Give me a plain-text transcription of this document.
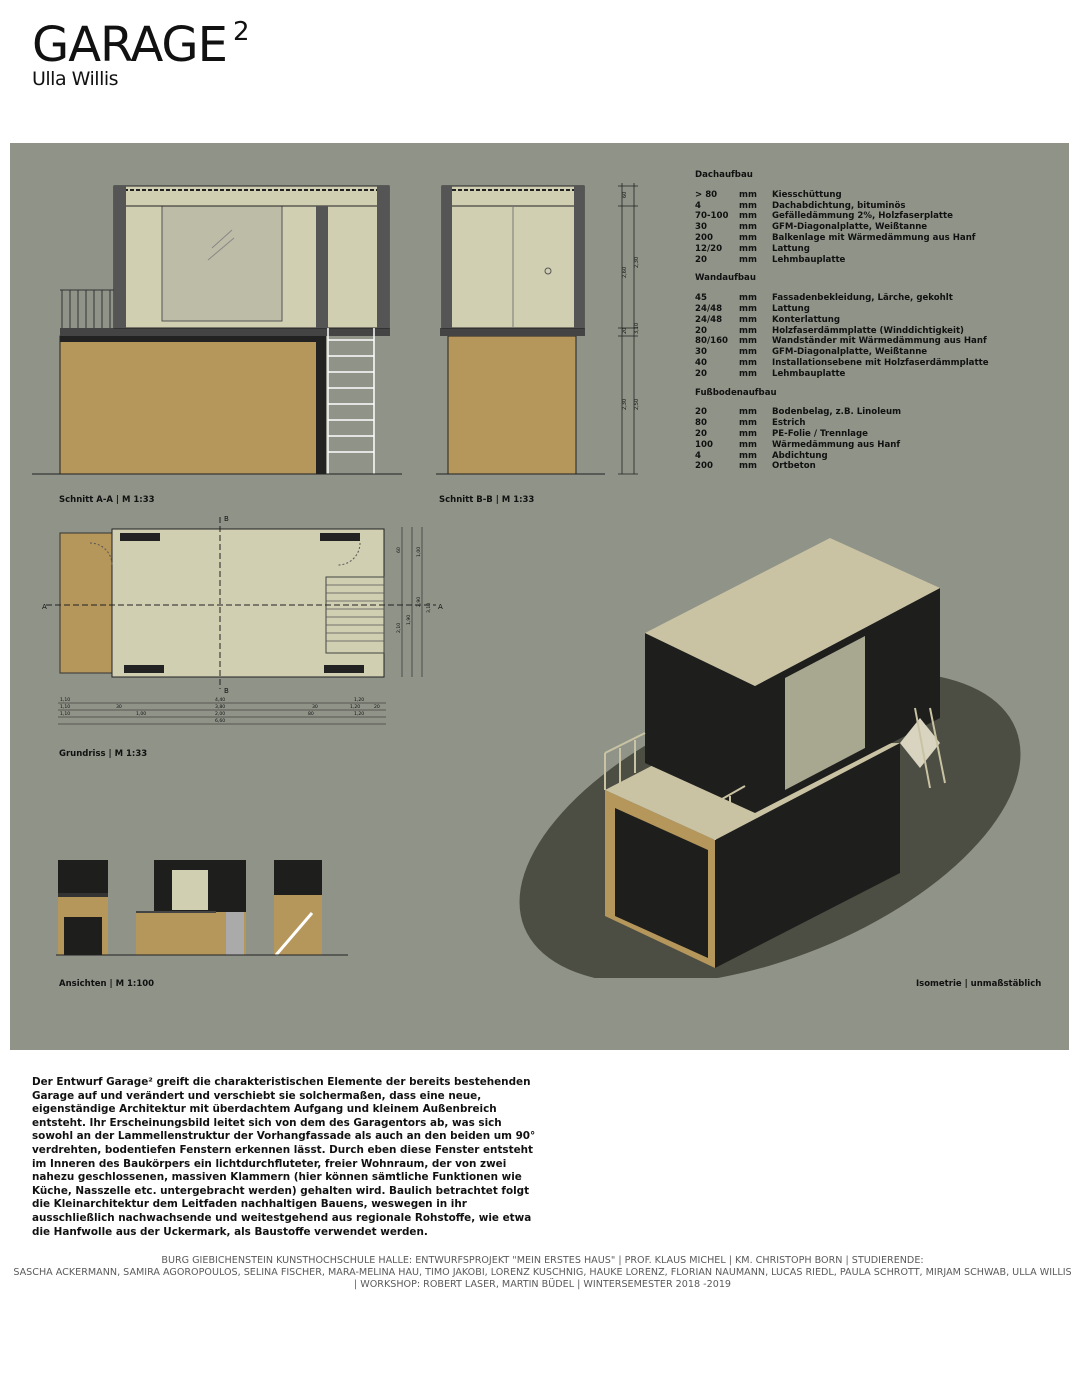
GARAGE $^2$
Ulla Willis
Schnitt A-A | M 1:33
60
2,60
2,30
20 3,10
2,30 2,50
Schnitt B-B | M 1:33
Dachaufbau
> 80	mm	Kiesschüttung
4	mm	Dachabdichtung, bituminös
70-100	mm	Gefälledämmung 2%, Holzfaserplatte
30	mm	GFM-Diagonalplatte, Weißtanne
200	mm	Balkenlage mit Wärmedämmung aus Hanf
12/20	mm	Lattung
20	mm	Lehmbauplatte
Wandaufbau
45	mm	Fassadenbekleidung, Lärche, gekohlt
24/48	mm	Lattung
24/48	mm	Konterlattung
20	mm	Holzfaserdämmplatte (Winddichtigkeit)
80/160	mm	Wandständer mit Wärmedämmung aus Hanf
30	mm	GFM-Diagonalplatte, Weißtanne
40	mm	Installationsebene mit Holzfaserdämmplatte
20	mm	Lehmbauplatte
Fußbodenaufbau
20	mm	Bodenbelag, z.B. Linoleum
80	mm	Estrich
20	mm	PE-Folie / Trennlage
100	mm	Wärmedämmung aus Hanf
4	mm	Abdichtung
200	mm	Ortbeton
A	A
B
B
1,10	4,40	1,20
1,10	30	3,80	30	1,20	20
1,10	1,00	2,00	80	1,20
6,60
60	1,00
2,10
3,10
1,90
2,90
Grundriss | M 1:33
Ansichten | M 1:100	Isometrie | unmaßstäblich

Der Entwurf Garage² greift die charakteristischen Elemente der bereits bestehenden Garage auf und verändert und verschiebt sie solchermaßen, dass eine neue, eigenständige Architektur mit überdachtem Aufgang und kleinem Außenbreich entsteht. Ihr Erscheinungsbild leitet sich von dem des Garagentors ab, was sich sowohl an der Lammellenstruktur der Vorhangfassade als auch an den beiden um 90° verdrehten, bodentiefen Fenstern erkennen lässt. Durch eben diese Fenster entsteht im Inneren des Baukörpers ein lichtdurchfluteter, freier Wohnraum, der von zwei nahezu geschlossenen, massiven Klammern (hier können sämtliche Funktionen wie Küche, Nasszelle etc. untergebracht werden) gehalten wird. Baulich betrachtet folgt die Kleinarchitektur dem Leitfaden nachhaltigen Bauens, weswegen in ihr ausschließlich nachwachsende und weitestgehend aus regionale Rohstoffe, wie etwa die Hanfwolle aus der Uckermark, als Baustoffe verwendet werden.

BURG GIEBICHENSTEIN KUNSTHOCHSCHULE HALLE: ENTWURFSPROJEKT "MEIN ERSTES HAUS" | PROF. KLAUS MICHEL | KM. CHRISTOPH BORN | STUDIERENDE:
SASCHA ACKERMANN, SAMIRA AGOROPOULOS, SELINA FISCHER, MARA-MELINA HAU, TIMO JAKOBI, LORENZ KUSCHNIG, HAUKE LORENZ, FLORIAN NAUMANN, LUCAS RIEDL, PAULA SCHROTT, MIRJAM SCHWAB, ULLA WILLIS
| WORKSHOP: ROBERT LASER, MARTIN BÜDEL | WINTERSEMESTER 2018 -2019
